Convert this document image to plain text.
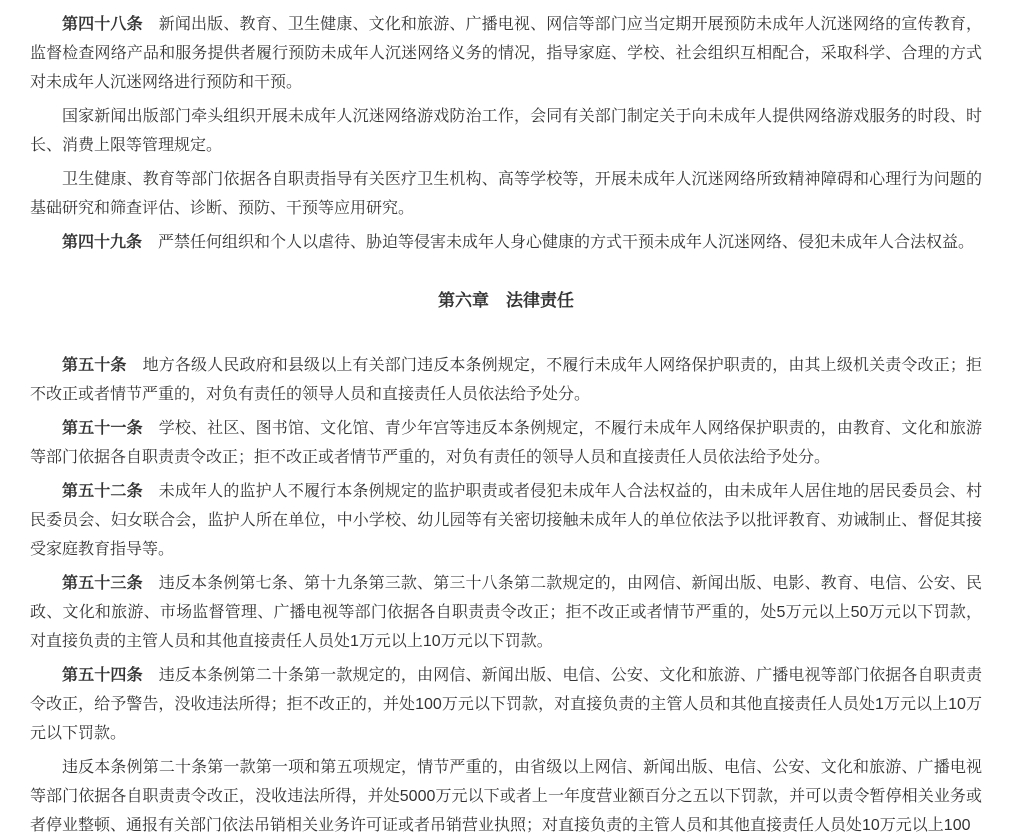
第四十八条 新闻出版、教育、卫生健康、文化和旅游、广播电视、网信等部门应当定期开展预防未成年人沉迷网络的宣传教育，监督检查网络产品和服务提供者履行预防未成年人沉迷网络义务的情况，指导家庭、学校、社会组织互相配合，采取科学、合理的方式对未成年人沉迷网络进行预防和干预。

国家新闻出版部门牵头组织开展未成年人沉迷网络游戏防治工作，会同有关部门制定关于向未成年人提供网络游戏服务的时段、时长、消费上限等管理规定。

卫生健康、教育等部门依据各自职责指导有关医疗卫生机构、高等学校等，开展未成年人沉迷网络所致精神障碍和心理行为问题的基础研究和筛查评估、诊断、预防、干预等应用研究。

第四十九条 严禁任何组织和个人以虐待、胁迫等侵害未成年人身心健康的方式干预未成年人沉迷网络、侵犯未成年人合法权益。

第六章　法律责任

第五十条 地方各级人民政府和县级以上有关部门违反本条例规定，不履行未成年人网络保护职责的，由其上级机关责令改正；拒不改正或者情节严重的，对负有责任的领导人员和直接责任人员依法给予处分。

第五十一条 学校、社区、图书馆、文化馆、青少年宫等违反本条例规定，不履行未成年人网络保护职责的，由教育、文化和旅游等部门依据各自职责责令改正；拒不改正或者情节严重的，对负有责任的领导人员和直接责任人员依法给予处分。

第五十二条 未成年人的监护人不履行本条例规定的监护职责或者侵犯未成年人合法权益的，由未成年人居住地的居民委员会、村民委员会、妇女联合会，监护人所在单位，中小学校、幼儿园等有关密切接触未成年人的单位依法予以批评教育、劝诫制止、督促其接受家庭教育指导等。

第五十三条 违反本条例第七条、第十九条第三款、第三十八条第二款规定的，由网信、新闻出版、电影、教育、电信、公安、民政、文化和旅游、市场监督管理、广播电视等部门依据各自职责责令改正；拒不改正或者情节严重的，处5万元以上50万元以下罚款，对直接负责的主管人员和其他直接责任人员处1万元以上10万元以下罚款。

第五十四条 违反本条例第二十条第一款规定的，由网信、新闻出版、电信、公安、文化和旅游、广播电视等部门依据各自职责责令改正，给予警告，没收违法所得；拒不改正的，并处100万元以下罚款，对直接负责的主管人员和其他直接责任人员处1万元以上10万元以下罚款。

违反本条例第二十条第一款第一项和第五项规定，情节严重的，由省级以上网信、新闻出版、电信、公安、文化和旅游、广播电视等部门依据各自职责责令改正，没收违法所得，并处5000万元以下或者上一年度营业额百分之五以下罚款，并可以责令暂停相关业务或者停业整顿、通报有关部门依法吊销相关业务许可证或者吊销营业执照；对直接负责的主管人员和其他直接责任人员处10万元以上100
